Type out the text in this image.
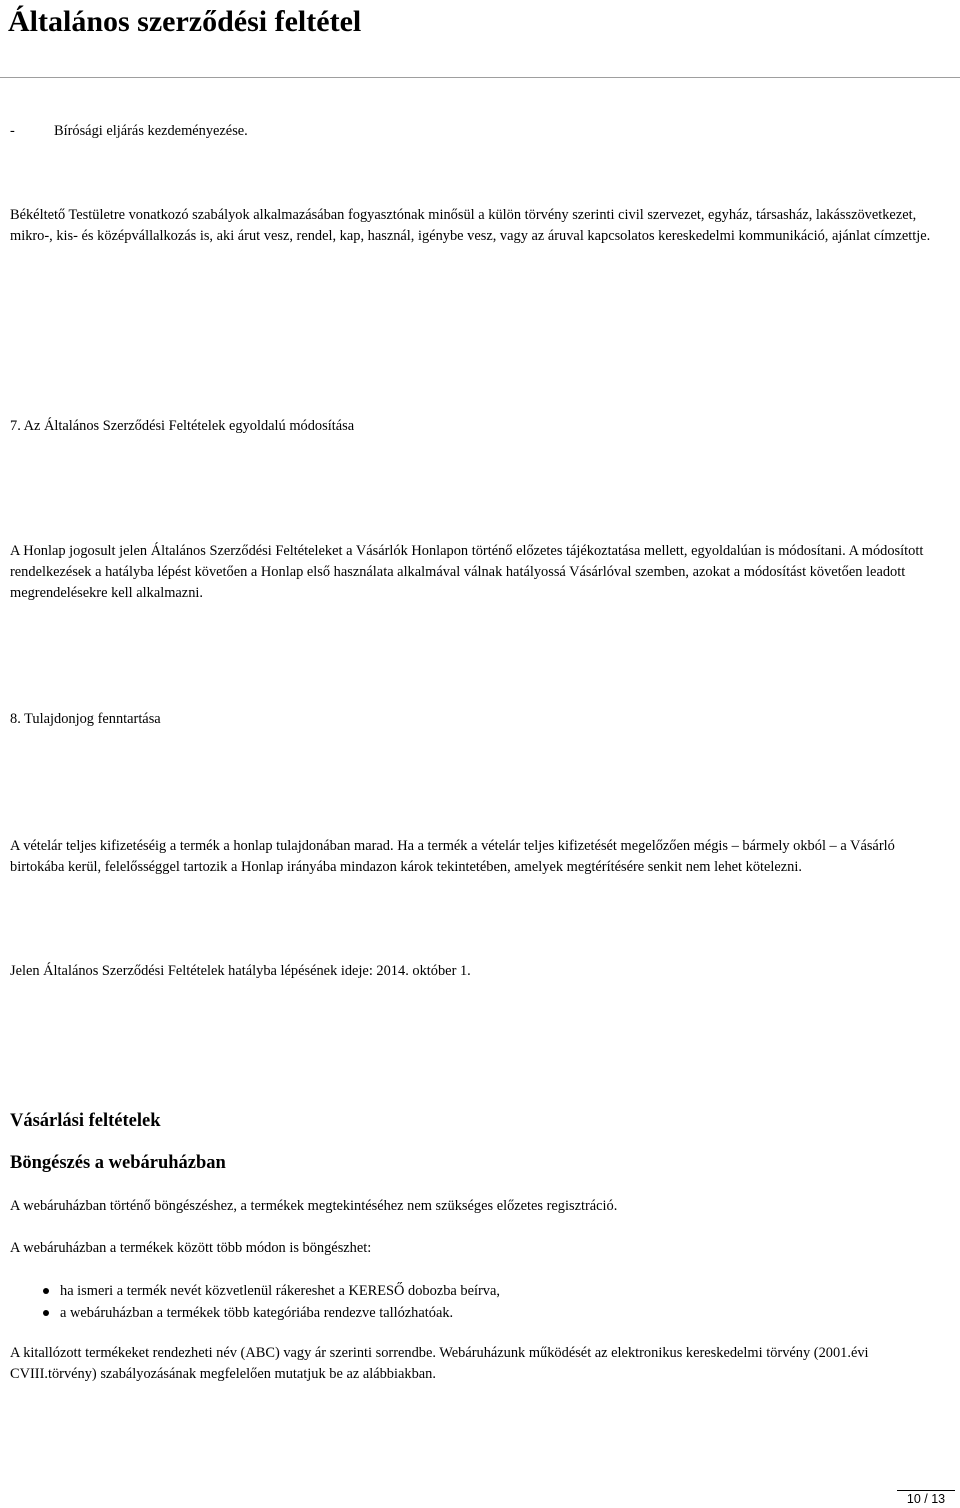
Általános szerződési feltétel

-	Bírósági eljárás kezdeményezése.

Békéltető Testületre vonatkozó szabályok alkalmazásában fogyasztónak minősül a külön törvény szerinti civil szervezet, egyház, társasház, lakásszövetkezet, mikro-, kis- és középvállalkozás is, aki árut vesz, rendel, kap, használ, igénybe vesz, vagy az áruval kapcsolatos kereskedelmi kommunikáció, ajánlat címzettje.

7. Az Általános Szerződési Feltételek egyoldalú módosítása

A Honlap jogosult jelen Általános Szerződési Feltételeket a Vásárlók Honlapon történő előzetes tájékoztatása mellett, egyoldalúan is módosítani. A módosított rendelkezések a hatályba lépést követően a Honlap első használata alkalmával válnak hatályossá Vásárlóval szemben, azokat a módosítást követően leadott megrendelésekre kell alkalmazni.

8. Tulajdonjog fenntartása

A vételár teljes kifizetéséig a termék a honlap tulajdonában marad. Ha a termék a vételár teljes kifizetését megelőzően mégis – bármely okból – a Vásárló birtokába kerül, felelősséggel tartozik a Honlap irányába mindazon károk tekintetében, amelyek megtérítésére senkit nem lehet kötelezni.

Jelen Általános Szerződési Feltételek hatályba lépésének ideje: 2014. október 1.

Vásárlási feltételek
Böngészés a webáruházban

A webáruházban történő böngészéshez, a termékek megtekintéséhez nem szükséges előzetes regisztráció.

A webáruházban a termékek között több módon is böngészhet:

ha ismeri a termék nevét közvetlenül rákereshet a KERESŐ dobozba beírva,
a webáruházban a termékek több kategóriába rendezve tallózhatóak.

A kitallózott termékeket rendezheti név (ABC) vagy ár szerinti sorrendbe. Webáruházunk működését az elektronikus kereskedelmi törvény (2001.évi CVIII.törvény) szabályozásának megfelelően mutatjuk be az alábbiakban.

10 / 13
